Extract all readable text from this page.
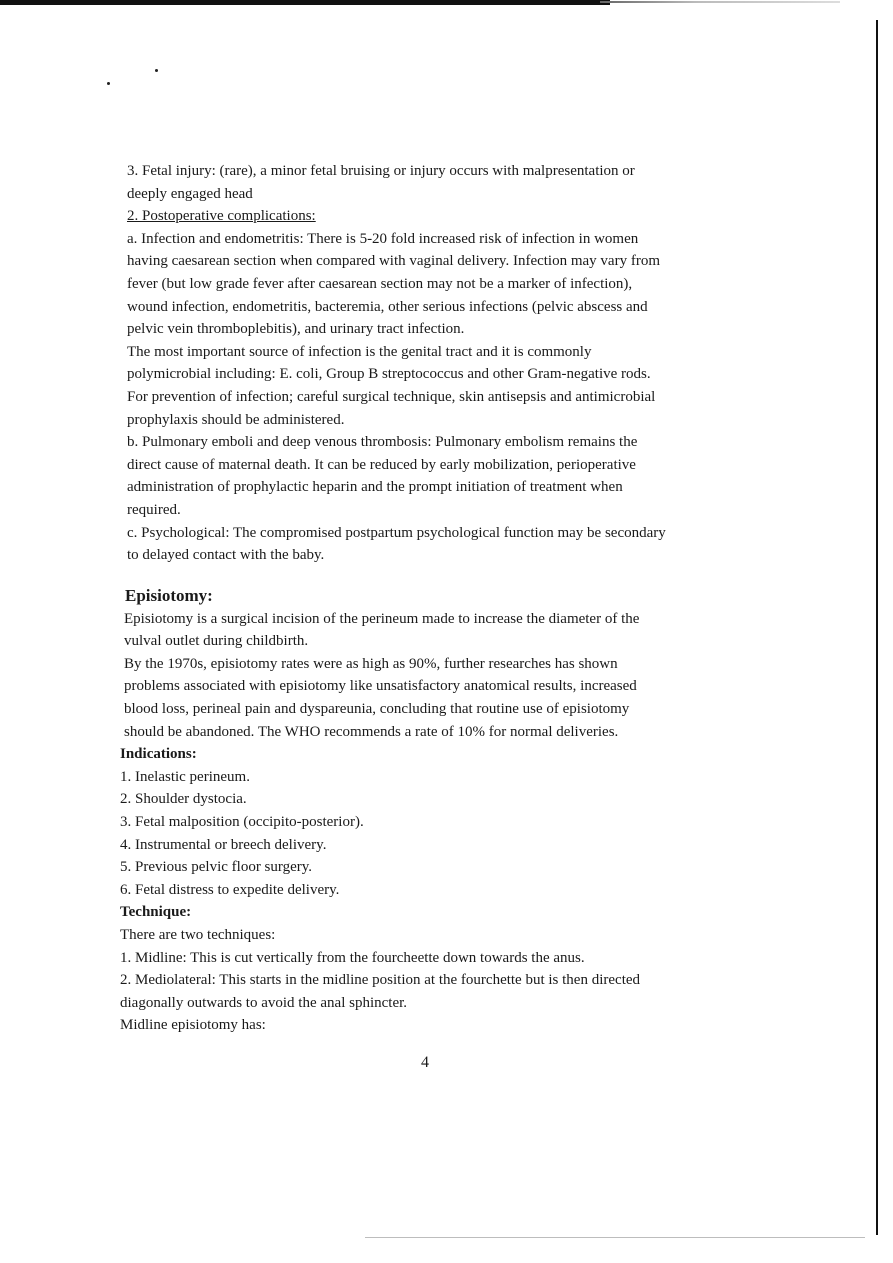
3. Fetal injury: (rare), a minor fetal bruising or injury occurs with malpresentation or

deeply engaged head

2. Postoperative complications:

a. Infection and endometritis: There is 5-20 fold increased risk of infection in women

having caesarean section when compared with vaginal delivery. Infection may vary from

fever (but low grade fever after caesarean section may not be a marker of infection),

wound infection, endometritis, bacteremia, other serious infections (pelvic abscess and

pelvic vein thromboplebitis), and urinary tract infection.

The most important source of infection is the genital tract and it is commonly

polymicrobial including: E. coli, Group B streptococcus and other Gram-negative rods.

For prevention of infection; careful surgical technique, skin antisepsis and antimicrobial

prophylaxis should be administered.

b. Pulmonary emboli and deep venous thrombosis: Pulmonary embolism remains the

direct cause of maternal death. It can be reduced by early mobilization, perioperative

administration of prophylactic heparin and the prompt initiation of treatment when

required.

c. Psychological: The compromised postpartum psychological function may be secondary

to delayed contact with the baby.

Episiotomy:

Episiotomy is a surgical incision of the perineum made to increase the diameter of the

vulval outlet during childbirth.

By the 1970s, episiotomy rates were as high as 90%, further researches has shown

problems associated with episiotomy like unsatisfactory anatomical results, increased

blood loss, perineal pain and dyspareunia, concluding that routine use of episiotomy

should be abandoned. The WHO recommends a rate of 10% for normal deliveries.

Indications:

1. Inelastic perineum.

2. Shoulder dystocia.

3. Fetal malposition (occipito-posterior).

4. Instrumental or breech delivery.

5. Previous pelvic floor surgery.

6. Fetal distress to expedite delivery.

Technique:

There are two techniques:

1. Midline: This is cut vertically from the fourcheette down towards the anus.

2. Mediolateral: This starts in the midline position at the fourchette but is then directed

diagonally outwards to avoid the anal sphincter.

Midline episiotomy has:

4
